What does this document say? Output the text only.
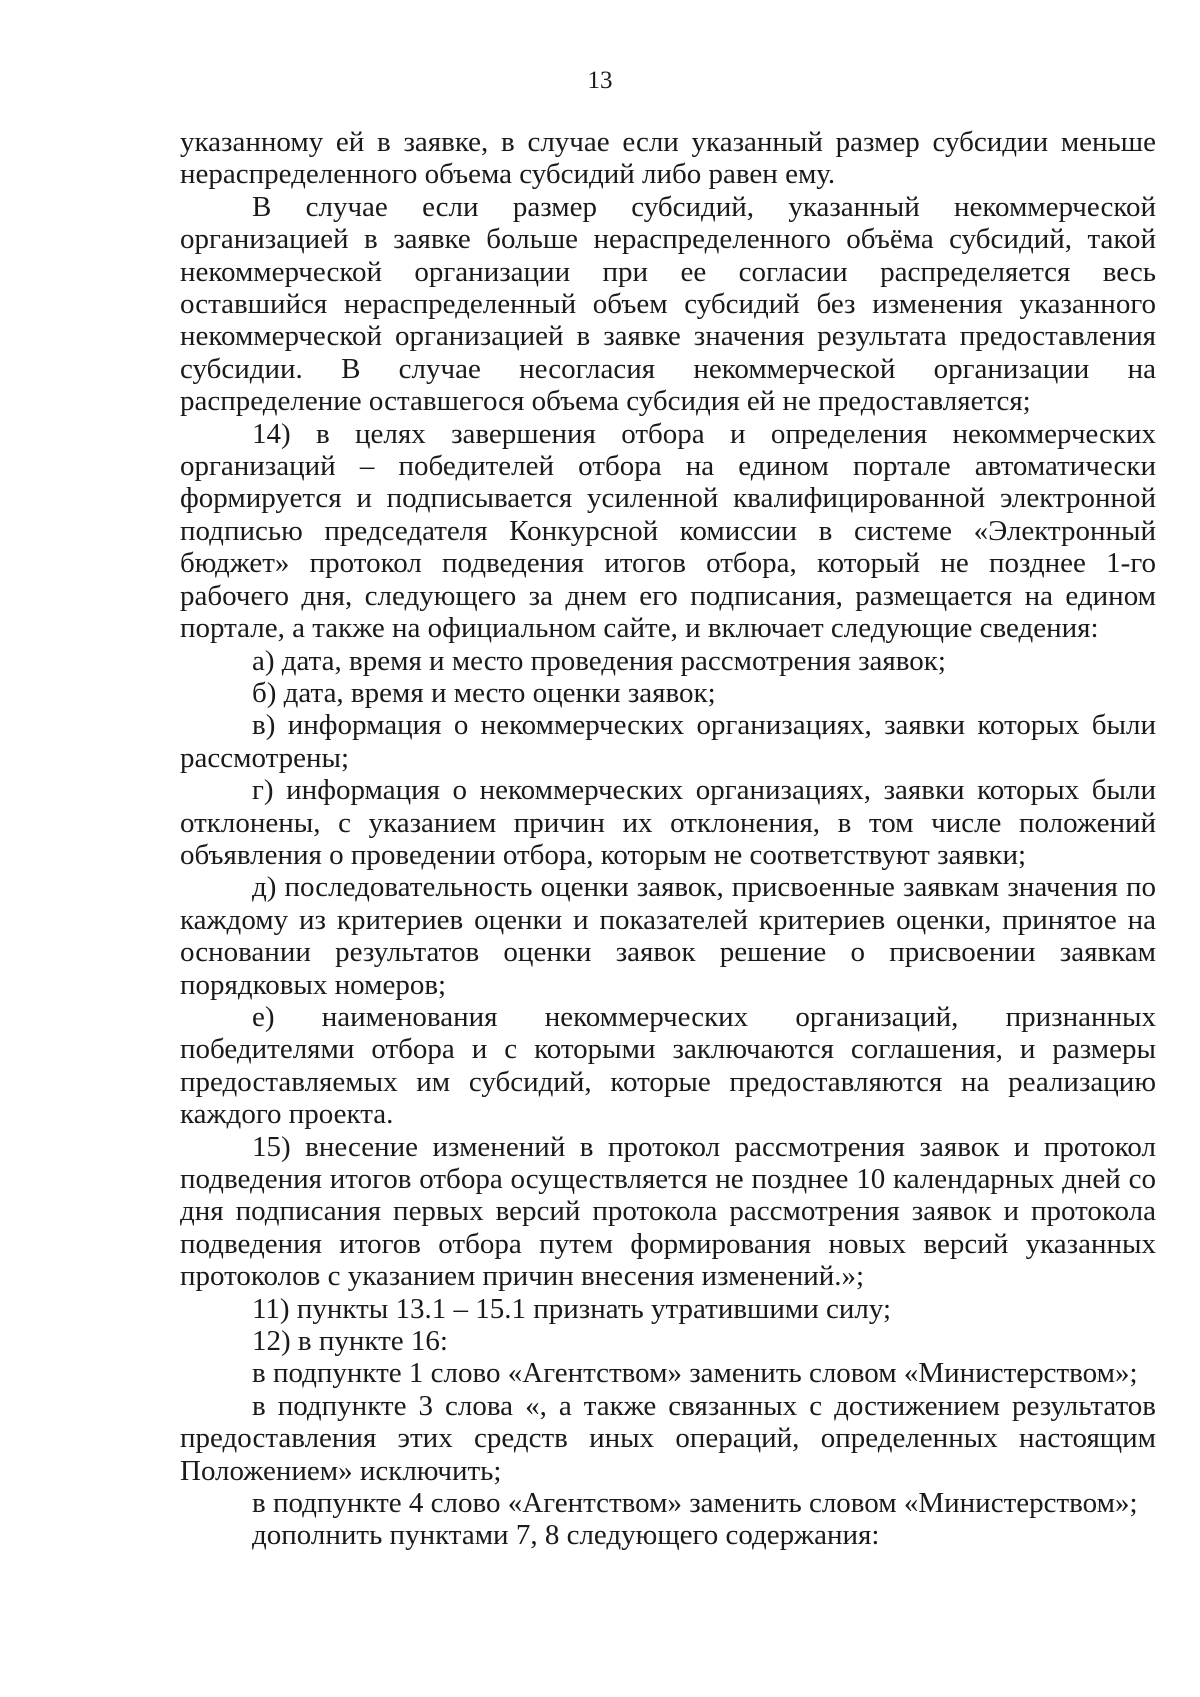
13

указанному ей в заявке, в случае если указанный размер субсидии меньше нераспределенного объема субсидий либо равен ему.

В случае если размер субсидий, указанный некоммерческой организацией в заявке больше нераспределенного объёма субсидий, такой некоммерческой организации при ее согласии распределяется весь оставшийся нераспределенный объем субсидий без изменения указанного некоммерческой организацией в заявке значения результата предоставления субсидии. В случае несогласия некоммерческой организации на распределение оставшегося объема субсидия ей не предоставляется;

14) в целях завершения отбора и определения некоммерческих организаций – победителей отбора на едином портале автоматически формируется и подписывается усиленной квалифицированной электронной подписью председателя Конкурсной комиссии в системе «Электронный бюджет» протокол подведения итогов отбора, который не позднее 1-го рабочего дня, следующего за днем его подписания, размещается на едином портале, а также на официальном сайте, и включает следующие сведения:

а) дата, время и место проведения рассмотрения заявок;

б) дата, время и место оценки заявок;

в) информация о некоммерческих организациях, заявки которых были рассмотрены;

г) информация о некоммерческих организациях, заявки которых были отклонены, с указанием причин их отклонения, в том числе положений объявления о проведении отбора, которым не соответствуют заявки;

д) последовательность оценки заявок, присвоенные заявкам значения по каждому из критериев оценки и показателей критериев оценки, принятое на основании результатов оценки заявок решение о присвоении заявкам порядковых номеров;

е) наименования некоммерческих организаций, признанных победителями отбора и с которыми заключаются соглашения, и размеры предоставляемых им субсидий, которые предоставляются на реализацию каждого проекта.

15) внесение изменений в протокол рассмотрения заявок и протокол подведения итогов отбора осуществляется не позднее 10 календарных дней со дня подписания первых версий протокола рассмотрения заявок и протокола подведения итогов отбора путем формирования новых версий указанных протоколов с указанием причин внесения изменений.»;

11) пункты 13.1 – 15.1 признать утратившими силу;

12) в пункте 16:

в подпункте 1 слово «Агентством» заменить словом «Министерством»;

в подпункте 3 слова «, а также связанных с достижением результатов предоставления этих средств иных операций, определенных настоящим Положением» исключить;

в подпункте 4 слово «Агентством» заменить словом «Министерством»;

дополнить пунктами 7, 8 следующего содержания:
